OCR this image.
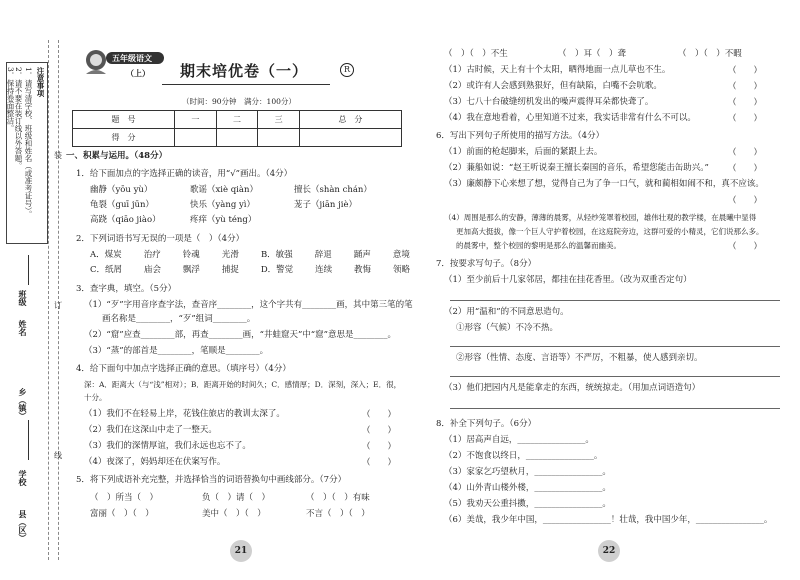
注意事项
1．请写清学校、班级和姓名（或准考证号）。
2．请不要在装订线以外答题。
3．保持卷面整洁。
班级
姓名
乡（镇）
学校
县（区）
装
订
线
五年级语文
（上） 期末培优卷（一）	R
（时间：90分钟　满分：100分）
题　号	一	二	三	总　分
得　分				
一、积累与运用。（48分）
1．给下面加点的字选择正确的读音，用“√”画出。（4分）
幽静（yōu yù）	歌谣（xiè qiàn）	擅长（shàn chán）
龟裂（guī jūn）	快乐（yàng yì）	茏子（jiān jiè）
高跷（qiāo jiào）	疼痒（yù téng）
2．下列词语书写无误的一项是（　）（4分）
A．煤炭	治疗	铃魂	光滑	B．敏强	辞退	踊声	意境
C．纸屑	庙会	飘浮	捕捉	D．警觉	连续	教悔	领略
3．查字典，填空。（5分）
（1）“歹”字用音序查字法，查音序________，这个字共有________画，其中第三笔的笔
画名称是________，“歹”组词________。
（2）“窟”应查________部，再查________画，“井蛙窟天”中“窟”意思是________。
（3）“蒸”的部首是________，笔顺是________。
4．给下面句中加点字选择正确的意思。（填序号）（4分）
深：A．距离大（与“浅”相对）；B．距离开始的时间久；C．感情厚；D．深刻，深入；E．很，
十分。
（1）我们不在轻易上岸，花钱住旅店的教训太深了。	（　　）
（2）我们在这深山中走了一整天。	（　　）
（3）我们的深情厚谊，我们永远也忘不了。	（　　）
（4）夜深了，妈妈却还在伏案写作。	（　　）
5．将下列成语补充完整，并选择恰当的词语替换句中画线部分。（7分）
（　）所当（　）	负（　）请（　）	（　）（　）有味
富丽（　）（　）	美中（　）（　）	不言（　）（　）
21
（　）（　）不生	（　）耳（　）聋	（　）（　）不暇
（1）古时候，天上有十个太阳，晒得地面一点儿草也不生。	（　　）
（2）或许有人会感到熟狠好，但有缺陷，白嘴不会吭歌。	（　　）
（3）七八十台破缝纫机发出的噪声震得耳朵都快聋了。	（　　）
（4）我在意地看着，心里知道不过来，我实话非常有什么不可以。	（　　）
6．写出下列句子所使用的描写方法。（4分）
（1）前面的枪起脚来，后面的紧跟上去。	（　　）
（2）蒹船如说：“赵王听说秦王擅长秦国的音乐，希望您能击缶助兴。” （　　）
（3）廉颇静下心来想了想，觉得自己为了争一口气，就和蔺相如闹不和，真不应该。
（　　）
（4）周围是那么的安静，薄薄的晨雾，从轻纱笼罩着校园，雄伟壮观的教学楼，在晨曦中显得
更加高大挺拔，像一个巨人守护着校园，在这庭院旁边，这群可爱的小精灵，它们说那么多。
的晨雾中，整个校园的黎明是那么的温馨而幽美。	（　　）
7．按要求写句子。（8分）
（1）至少前后十几家邻居，都挂在挂花香里。（改为双重否定句）
（2）用“温和”的不同意思造句。
①形容（气候）不冷不热。
②形容（性情、态度、言语等）不严厉，不粗暴，使人感到亲切。
（3）他们把园内凡是能拿走的东西，统统掠走。（用加点词语造句）
8．补全下列句子。（6分）
（1）居高声自远，________________。
（2）不饱食以终日，________________。
（3）家家乞巧望秋月，________________。
（4）山外青山楼外楼，________________。
（5）我劝天公重抖擞，________________。
（6）美哉，我少年中国，________________！壮哉，我中国少年，________________。
22
